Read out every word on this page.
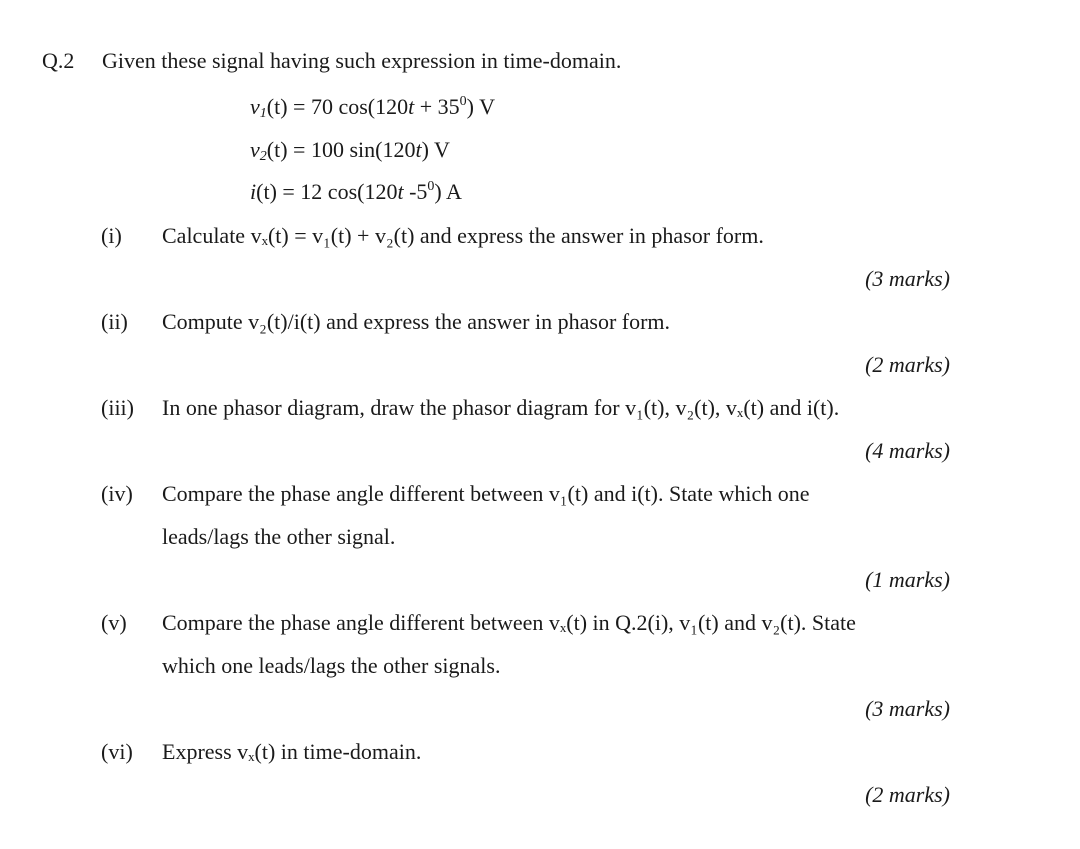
Q.2 Given these signal having such expression in time-domain.
$v_1(t) = 70$ $\cos(120t + 35^0)$ V
$v_2(t) = 100$ sin(120t) V
i(t) = 12 cos(120t $-5^0$) A
(i) Calculate vₓ(t) = v₁(t) + v₂(t) and express the answer in phasor form.
(3 marks)
(ii) Compute v₂(t)/i(t) and express the answer in phasor form.
(2 marks)
(iii) In one phasor diagram, draw the phasor diagram for v₁(t), v₂(t), vₓ(t) and i(t).
(4 marks)
(iv) Compare the phase angle different between v₁(t) and i(t). State which one
leads/lags the other signal.
(1 marks)
(v) Compare the phase angle different between vₓ(t) in Q.2(i), v₁(t) and v₂(t). State
which one leads/lags the other signals.
(3 marks)
(vi) Express vₓ(t) in time-domain.
(2 marks)
